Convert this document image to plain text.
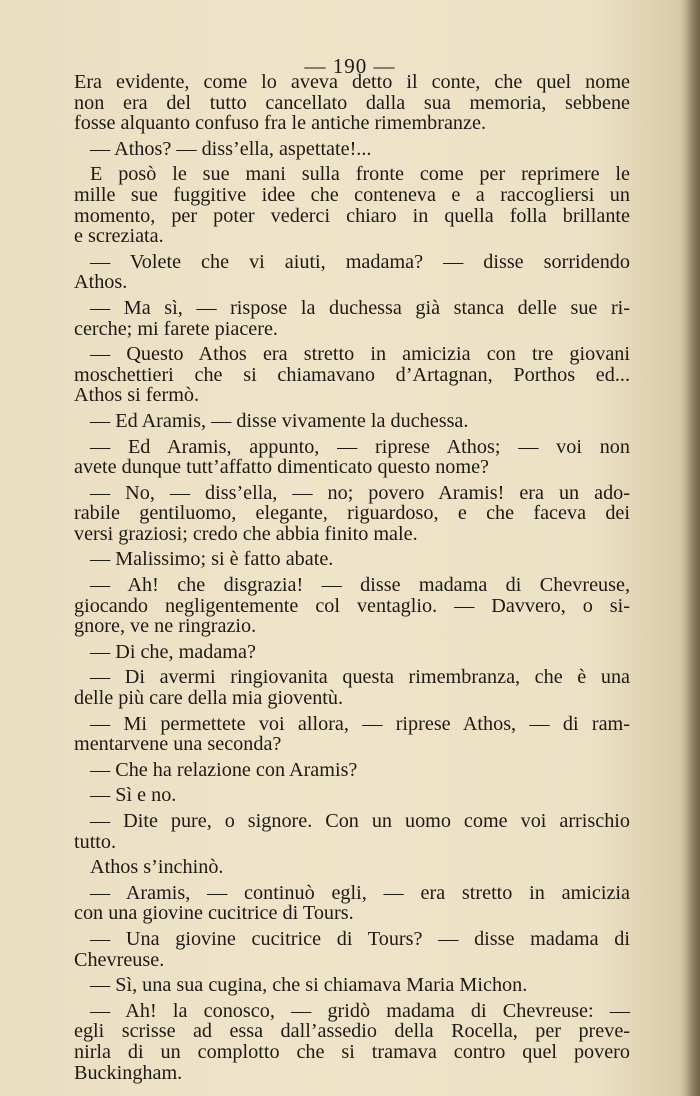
— 190 —
Era evidente, come lo aveva detto il conte, che quel nome
non era del tutto cancellato dalla sua memoria, sebbene
fosse alquanto confuso fra le antiche rimembranze.
— Athos? — diss’ella, aspettate!...
E posò le sue mani sulla fronte come per reprimere le
mille sue fuggitive idee che conteneva e a raccogliersi un
momento, per poter vederci chiaro in quella folla brillante
e screziata.
— Volete che vi aiuti, madama? — disse sorridendo
Athos.
— Ma sì, — rispose la duchessa già stanca delle sue ri-
cerche; mi farete piacere.
— Questo Athos era stretto in amicizia con tre giovani
moschettieri che si chiamavano d’Artagnan, Porthos ed...
Athos si fermò.
— Ed Aramis, — disse vivamente la duchessa.
— Ed Aramis, appunto, — riprese Athos; — voi non
avete dunque tutt’affatto dimenticato questo nome?
— No, — diss’ella, — no; povero Aramis! era un ado-
rabile gentiluomo, elegante, riguardoso, e che faceva dei
versi graziosi; credo che abbia finito male.
— Malissimo; si è fatto abate.
— Ah! che disgrazia! — disse madama di Chevreuse,
giocando negligentemente col ventaglio. — Davvero, o si-
gnore, ve ne ringrazio.
— Di che, madama?
— Di avermi ringiovanita questa rimembranza, che è una
delle più care della mia gioventù.
— Mi permettete voi allora, — riprese Athos, — di ram-
mentarvene una seconda?
— Che ha relazione con Aramis?
— Sì e no.
— Dite pure, o signore. Con un uomo come voi arrischio
tutto.
Athos s’inchinò.
— Aramis, — continuò egli, — era stretto in amicizia
con una giovine cucitrice di Tours.
— Una giovine cucitrice di Tours? — disse madama di
Chevreuse.
— Sì, una sua cugina, che si chiamava Maria Michon.
— Ah! la conosco, — gridò madama di Chevreuse: —
egli scrisse ad essa dall’assedio della Rocella, per preve-
nirla di un complotto che si tramava contro quel povero
Buckingham.
